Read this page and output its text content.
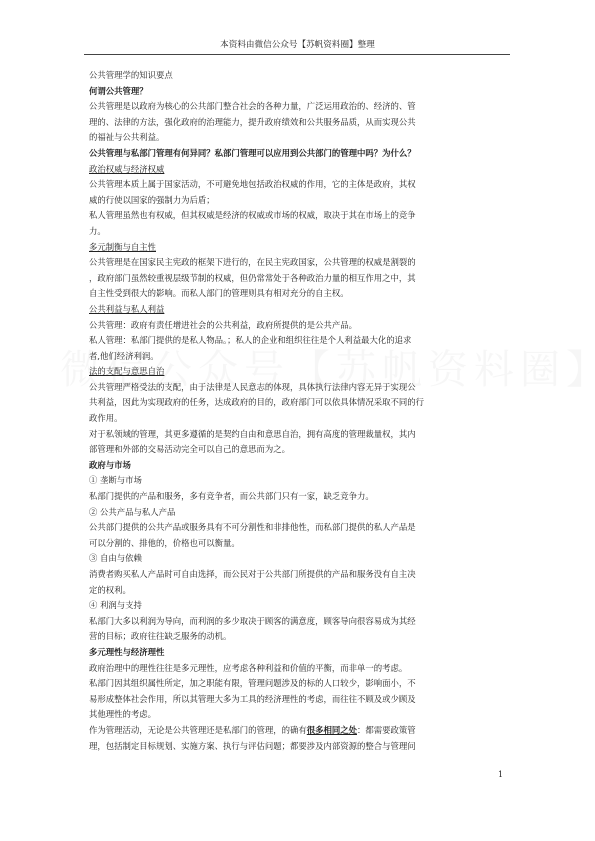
本资料由微信公众号【苏帆资料圈】整理

公共管理学的知识要点

何谓公共管理？

公共管理是以政府为核心的公共部门整合社会的各种力量，广泛运用政治的、经济的、管

理的、法律的方法，强化政府的治理能力，提升政府绩效和公共服务品质，从而实现公共

的福祉与公共利益。

公共管理与私部门管理有何异同？私部门管理可以应用到公共部门的管理中吗？为什么？

政治权威与经济权威

公共管理本质上属于国家活动，不可避免地包括政治权威的作用，它的主体是政府，其权

威的行使以国家的强制力为后盾；

私人管理虽然也有权威，但其权威是经济的权威或市场的权威，取决于其在市场上的竞争

力。

多元制衡与自主性

公共管理是在国家民主宪政的框架下进行的，在民主宪政国家，公共管理的权威是割裂的

，政府部门虽然较重视层级节制的权威，但仍常常处于各种政治力量的相互作用之中，其

自主性受到很大的影响。而私人部门的管理则具有相对充分的自主权。

公共利益与私人利益

公共管理：政府有责任增进社会的公共利益，政府所提供的是公共产品。

私人管理：私部门提供的是私人物品。；私人的企业和组织往往是个人利益最大化的追求

者,他们经济利润。

法的支配与意思自治

公共管理严格受法的支配，由于法律是人民意志的体现，具体执行法律内容无异于实现公

共利益，因此为实现政府的任务，达成政府的目的，政府部门可以依具体情况采取不同的行

政作用。

对于私领域的管理，其更多遵循的是契约自由和意思自治，拥有高度的管理裁量权，其内

部管理和外部的交易活动完全可以自己的意思而为之。

政府与市场

① 垄断与市场

私部门提供的产品和服务，多有竞争者，而公共部门只有一家，缺乏竞争力。

② 公共产品与私人产品

公共部门提供的公共产品或服务具有不可分割性和非排他性，而私部门提供的私人产品是

可以分割的、排他的，价格也可以衡量。

③ 自由与依赖

消费者购买私人产品时可自由选择，而公民对于公共部门所提供的产品和服务没有自主决

定的权利。

④ 利润与支持

私部门大多以利润为导向，而利润的多少取决于顾客的满意度，顾客导向很容易成为其经

营的目标；政府往往缺乏服务的动机。

多元理性与经济理性

政府治理中的理性往往是多元理性，应考虑各种利益和价值的平衡，而非单一的考虑。

私部门因其组织属性所定，加之职能有限，管理问题涉及的标的人口较少，影响面小，不

易形成整体社会作用，所以其管理大多为工具的经济理性的考虑，而往往不顾及或少顾及

其他理性的考虑。

作为管理活动，无论是公共管理还是私部门的管理，的确有很多相同之处：都需要政策管

理，包括制定目标规划、实施方案、执行与评估问题；都要涉及内部资源的整合与管理问

1
